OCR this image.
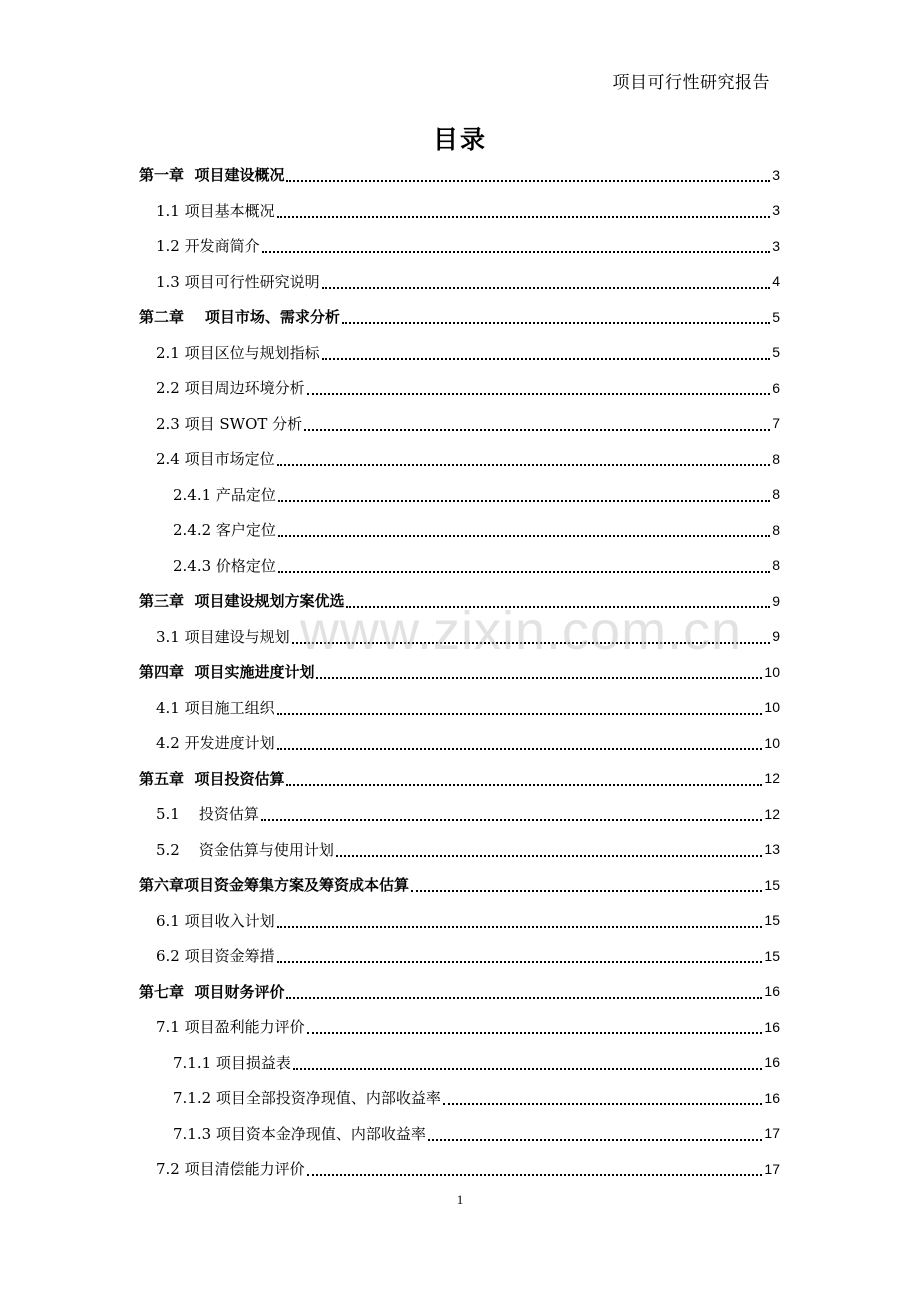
项目可行性研究报告
目录
第一章  项目建设概况	3
1.1 项目基本概况	3
1.2 开发商简介	3
1.3 项目可行性研究说明	4
第二章    项目市场、需求分析	5
2.1 项目区位与规划指标	5
2.2 项目周边环境分析	6
2.3 项目 SWOT 分析	7
2.4 项目市场定位	8
2.4.1 产品定位	8
2.4.2 客户定位	8
2.4.3 价格定位	8
第三章  项目建设规划方案优选	9
3.1 项目建设与规划	9
第四章  项目实施进度计划	10
4.1 项目施工组织	10
4.2 开发进度计划	10
第五章  项目投资估算	12
5.1    投资估算	12
5.2    资金估算与使用计划	13
第六章项目资金筹集方案及筹资成本估算	15
6.1 项目收入计划	15
6.2 项目资金筹措	15
第七章  项目财务评价	16
7.1 项目盈利能力评价	16
7.1.1 项目损益表	16
7.1.2 项目全部投资净现值、内部收益率	16
7.1.3 项目资本金净现值、内部收益率	17
7.2 项目清偿能力评价	17
www.zixin.com.cn
1
